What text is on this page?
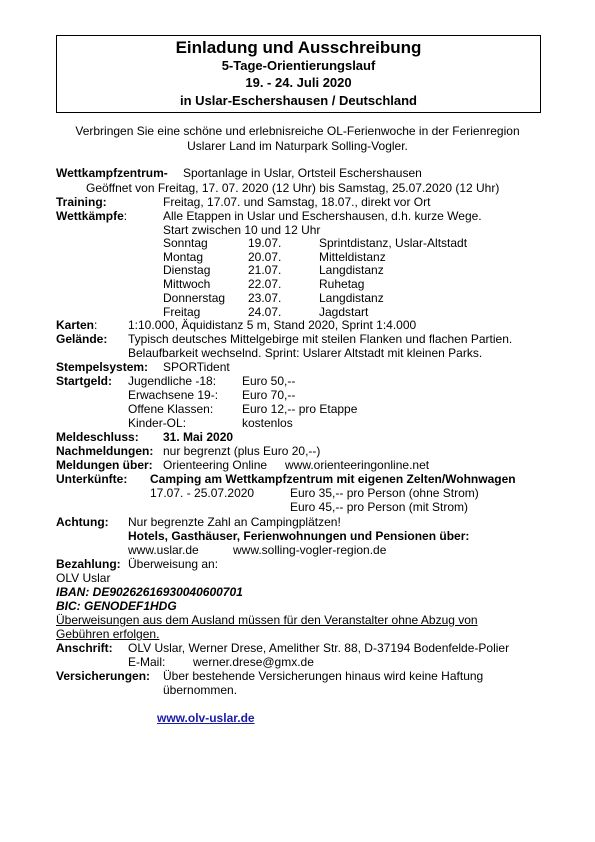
Einladung und Ausschreibung
5-Tage-Orientierungslauf
19. - 24. Juli 2020
in Uslar-Eschershausen / Deutschland
Verbringen Sie eine schöne und erlebnisreiche OL-Ferienwoche in der Ferienregion
Uslarer Land im Naturpark Solling-Vogler.
Wettkampfzentrum- Sportanlage in Uslar, Ortsteil Eschershausen
Geöffnet von Freitag, 17. 07. 2020 (12 Uhr) bis Samstag, 25.07.2020 (12 Uhr)
Training:	Freitag, 17.07. und Samstag, 18.07., direkt vor Ort
Wettkämpfe:	Alle Etappen in Uslar und Eschershausen, d.h. kurze Wege.
Start zwischen 10 und 12 Uhr
Sonntag	19.07.	Sprintdistanz, Uslar-Altstadt
Montag	20.07.	Mitteldistanz
Dienstag	21.07.	Langdistanz
Mittwoch	22.07.	Ruhetag
Donnerstag 23.07.	Langdistanz
Freitag	24.07.	Jagdstart
Karten:	1:10.000, Äquidistanz 5 m, Stand 2020, Sprint 1:4.000
Gelände: Typisch deutsches Mittelgebirge mit steilen Flanken und flachen Partien.
Belaufbarkeit wechselnd. Sprint: Uslarer Altstadt mit kleinen Parks.
Stempelsystem: SPORTident
Startgeld: Jugendliche -18: Euro 50,--
Erwachsene 19-: Euro 70,--
Offene Klassen: Euro 12,-- pro Etappe
Kinder-OL:	kostenlos
Meldeschluss: 31. Mai 2020
Nachmeldungen: nur begrenzt (plus Euro 20,--)
Meldungen über: Orienteering Online www.orienteeringonline.net
Unterkünfte: Camping am Wettkampfzentrum mit eigenen Zelten/Wohnwagen
17.07. - 25.07.2020	Euro 35,-- pro Person (ohne Strom)
Euro 45,-- pro Person (mit Strom)
Achtung: Nur begrenzte Zahl an Campingplätzen!
Hotels, Gasthäuser, Ferienwohnungen und Pensionen über:
www.uslar.de	www.solling-vogler-region.de
Bezahlung: Überweisung an:
OLV Uslar
IBAN: DE90262616930040600701
BIC: GENODEF1HDG
Überweisungen aus dem Ausland müssen für den Veranstalter ohne Abzug von
Gebühren erfolgen.
Anschrift: OLV Uslar, Werner Drese, Amelither Str. 88, D-37194 Bodenfelde-Polier
E-Mail: werner.drese@gmx.de
Versicherungen: Über bestehende Versicherungen hinaus wird keine Haftung
übernommen.
www.olv-uslar.de
